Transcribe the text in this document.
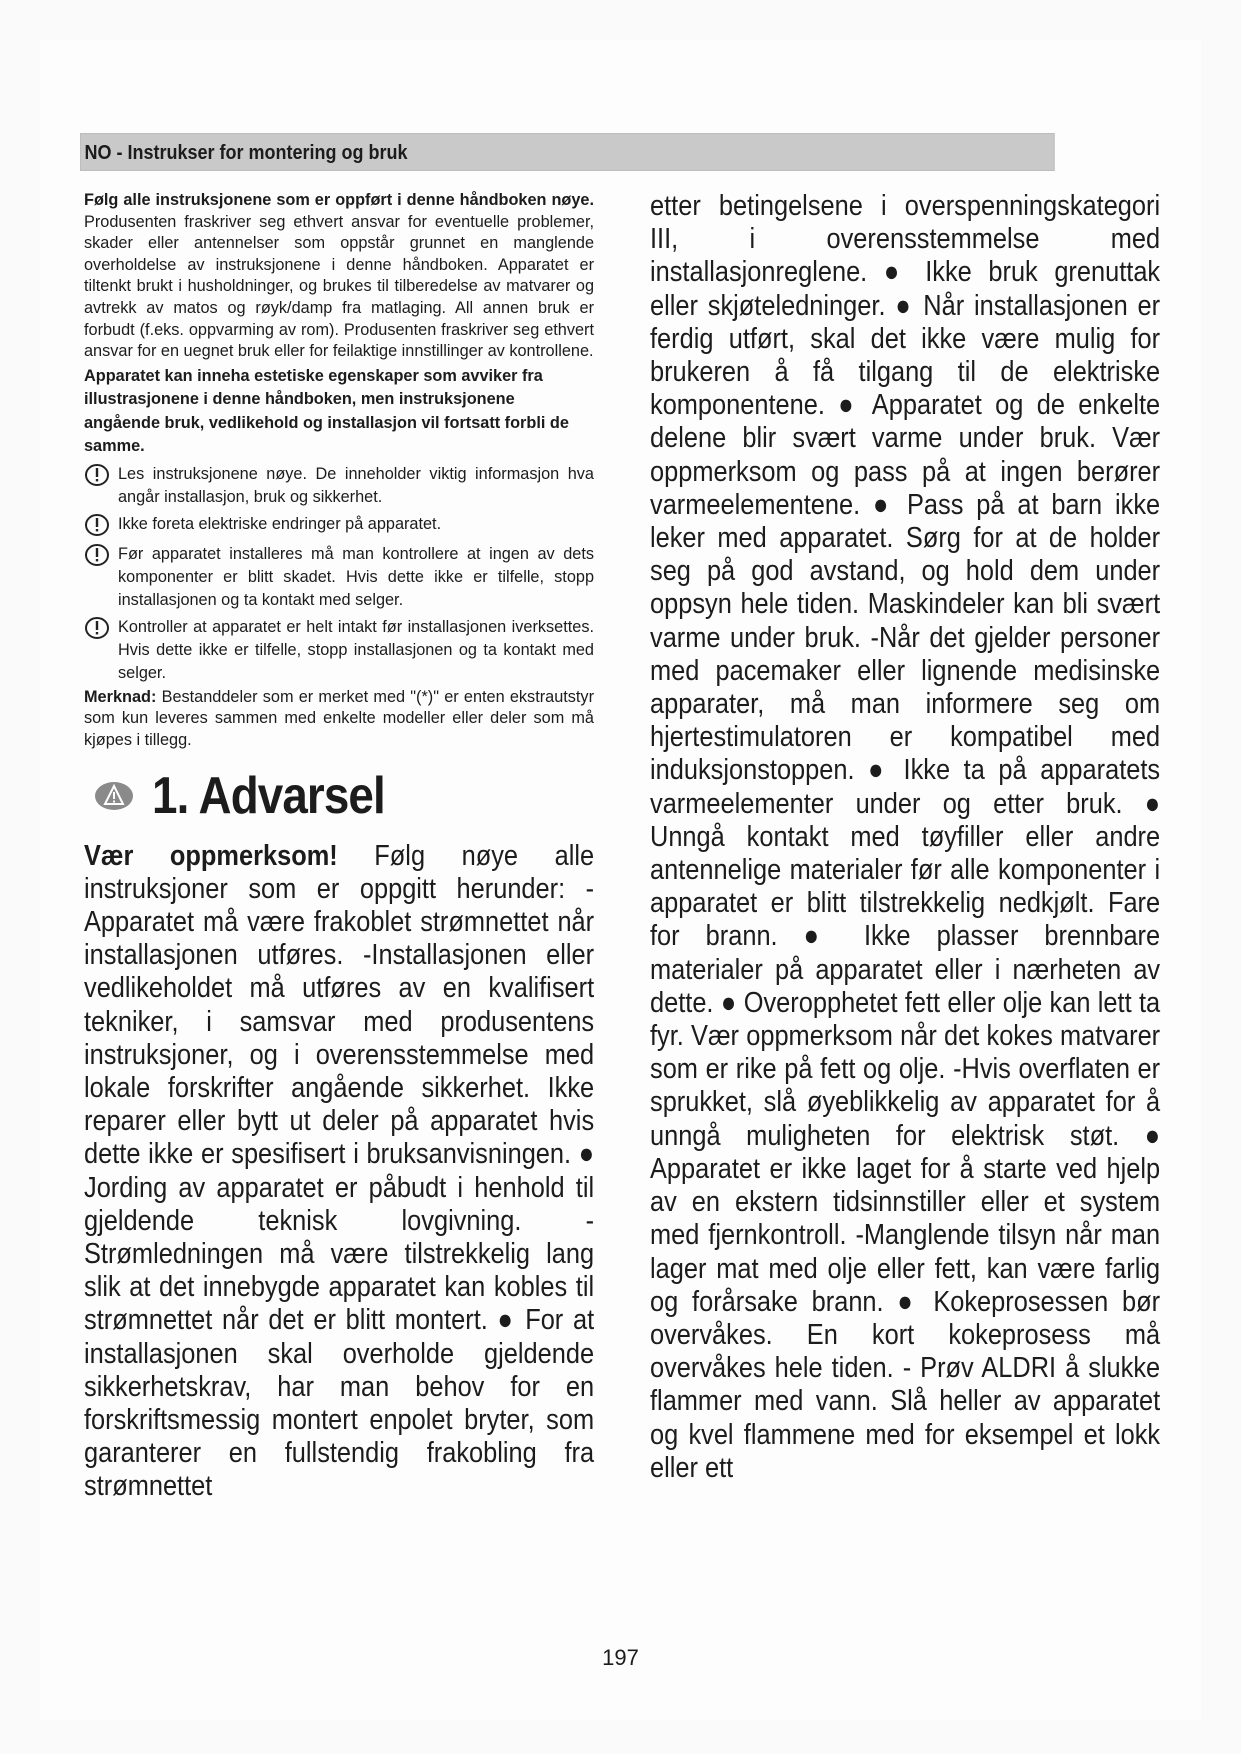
NO - Instrukser for montering og bruk

Følg alle instruksjonene som er oppført i denne håndboken nøye. Produsenten fraskriver seg ethvert ansvar for eventuelle problemer, skader eller antennelser som oppstår grunnet en manglende overholdelse av instruksjonene i denne håndboken. Apparatet er tiltenkt brukt i husholdninger, og brukes til tilberedelse av matvarer og avtrekk av matos og røyk/damp fra matlaging. All annen bruk er forbudt (f.eks. oppvarming av rom). Produsenten fraskriver seg ethvert ansvar for en uegnet bruk eller for feilaktige innstillinger av kontrollene.

Apparatet kan inneha estetiske egenskaper som avviker fra illustrasjonene i denne håndboken, men instruksjonene angående bruk, vedlikehold og installasjon vil fortsatt forbli de samme.

Les instruksjonene nøye. De inneholder viktig informasjon hva angår installasjon, bruk og sikkerhet.
Ikke foreta elektriske endringer på apparatet.
Før apparatet installeres må man kontrollere at ingen av dets komponenter er blitt skadet. Hvis dette ikke er tilfelle, stopp installasjonen og ta kontakt med selger.
Kontroller at apparatet er helt intakt før installasjonen iverksettes. Hvis dette ikke er tilfelle, stopp installasjonen og ta kontakt med selger.

Merknad: Bestanddeler som er merket med "(*)" er enten ekstrautstyr som kun leveres sammen med enkelte modeller eller deler som må kjøpes i tillegg.

1. Advarsel

Vær oppmerksom! Følg nøye alle instruksjoner som er oppgitt herunder: - Apparatet må være frakoblet strømnettet når installasjonen utføres. -Installasjonen eller vedlikeholdet må utføres av en kvalifisert tekniker, i samsvar med produsentens instruksjoner, og i overensstemmelse med lokale forskrifter angående sikkerhet. Ikke reparer eller bytt ut deler på apparatet hvis dette ikke er spesifisert i bruksanvisningen. ● Jording av apparatet er påbudt i henhold til gjeldende teknisk lovgivning. - Strømledningen må være tilstrekkelig lang slik at det innebygde apparatet kan kobles til strømnettet når det er blitt montert. ● For at installasjonen skal overholde gjeldende sikkerhetskrav, har man behov for en forskriftsmessig montert enpolet bryter, som garanterer en fullstendig frakobling fra strømnettet

etter betingelsene i overspenningskategori III, i overensstemmelse med installasjonreglene. ● Ikke bruk grenuttak eller skjøteledninger. ● Når installasjonen er ferdig utført, skal det ikke være mulig for brukeren å få tilgang til de elektriske komponentene. ● Apparatet og de enkelte delene blir svært varme under bruk. Vær oppmerksom og pass på at ingen berører varmeelementene. ● Pass på at barn ikke leker med apparatet. Sørg for at de holder seg på god avstand, og hold dem under oppsyn hele tiden. Maskindeler kan bli svært varme under bruk. -Når det gjelder personer med pacemaker eller lignende medisinske apparater, må man informere seg om hjertestimulatoren er kompatibel med induksjonstoppen. ● Ikke ta på apparatets varmeelementer under og etter bruk. ● Unngå kontakt med tøyfiller eller andre antennelige materialer før alle komponenter i apparatet er blitt tilstrekkelig nedkjølt. Fare for brann. ● Ikke plasser brennbare materialer på apparatet eller i nærheten av dette. ● Overopphetet fett eller olje kan lett ta fyr. Vær oppmerksom når det kokes matvarer som er rike på fett og olje. -Hvis overflaten er sprukket, slå øyeblikkelig av apparatet for å unngå muligheten for elektrisk støt. ● Apparatet er ikke laget for å starte ved hjelp av en ekstern tidsinnstiller eller et system med fjernkontroll. -Manglende tilsyn når man lager mat med olje eller fett, kan være farlig og forårsake brann. ● Kokeprosessen bør overvåkes. En kort kokeprosess må overvåkes hele tiden. - Prøv ALDRI å slukke flammer med vann. Slå heller av apparatet og kvel flammene med for eksempel et lokk eller ett

197
